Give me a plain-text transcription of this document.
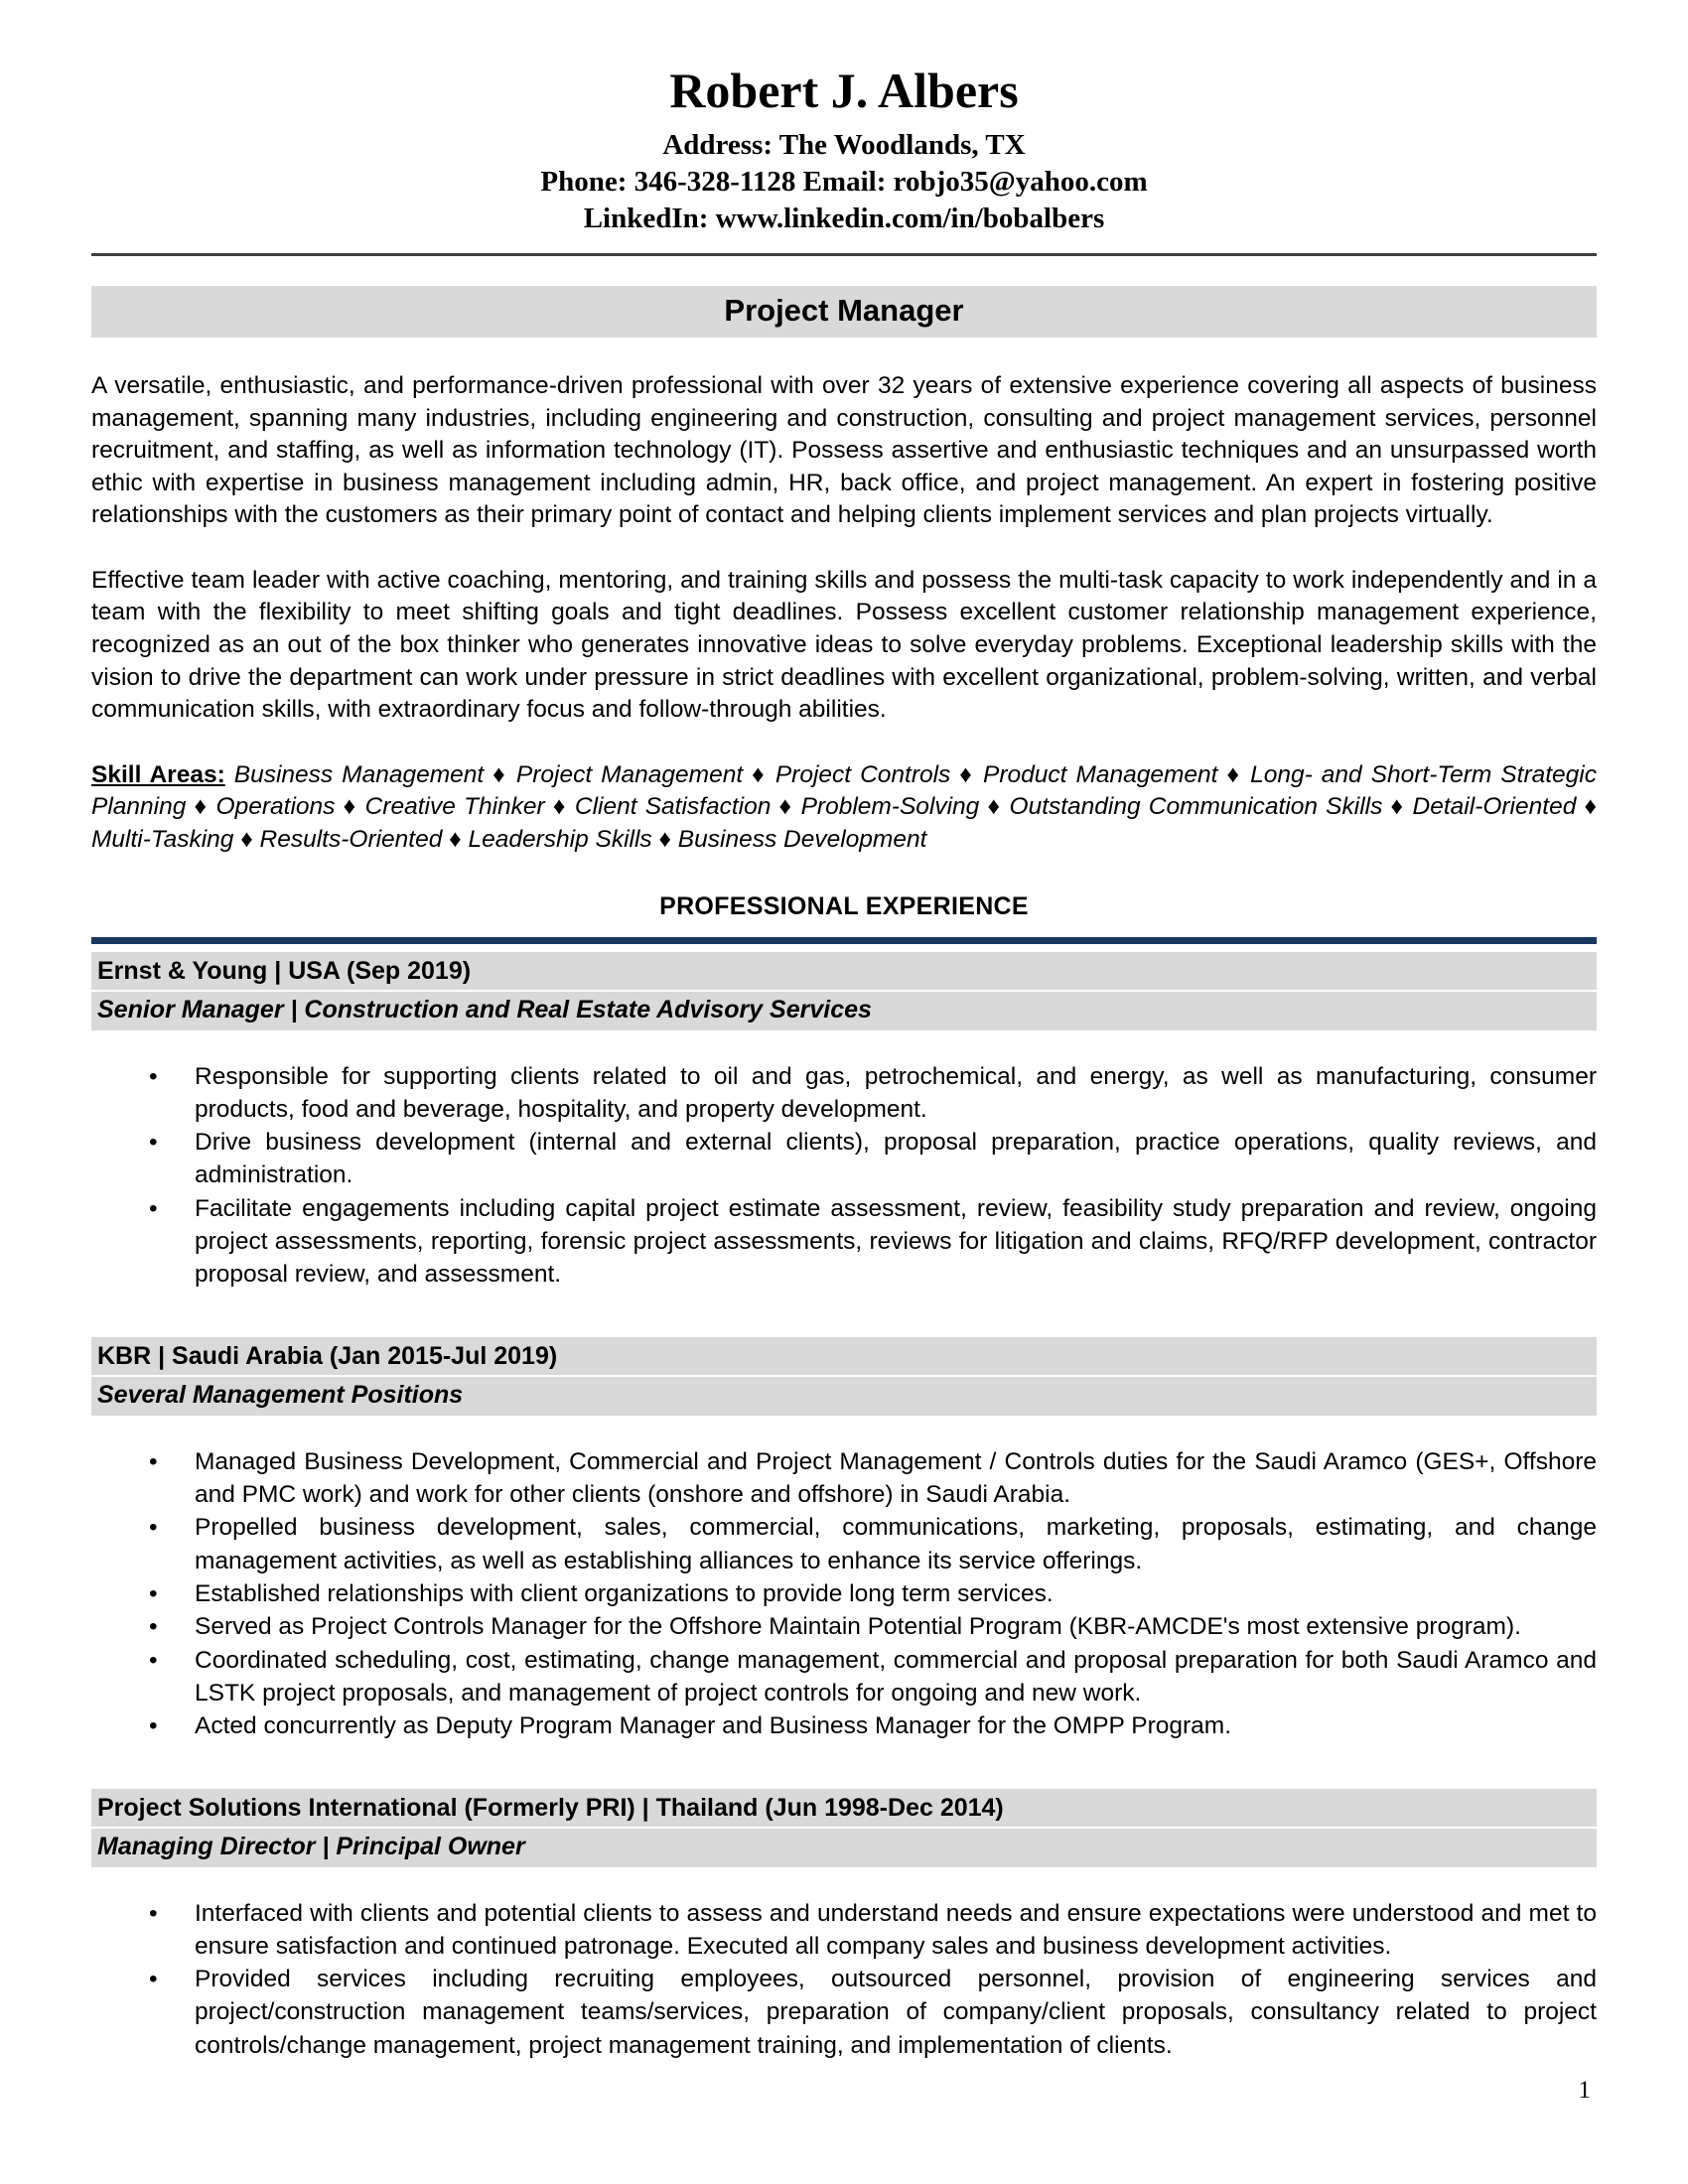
Robert J. Albers
Address: The Woodlands, TX
Phone: 346-328-1128 Email: robjo35@yahoo.com
LinkedIn: www.linkedin.com/in/bobalbers
Project Manager

A versatile, enthusiastic, and performance-driven professional with over 32 years of extensive experience covering all aspects of business management, spanning many industries, including engineering and construction, consulting and project management services, personnel recruitment, and staffing, as well as information technology (IT). Possess assertive and enthusiastic techniques and an unsurpassed worth ethic with expertise in business management including admin, HR, back office, and project management. An expert in fostering positive relationships with the customers as their primary point of contact and helping clients implement services and plan projects virtually.

Effective team leader with active coaching, mentoring, and training skills and possess the multi-task capacity to work independently and in a team with the flexibility to meet shifting goals and tight deadlines. Possess excellent customer relationship management experience, recognized as an out of the box thinker who generates innovative ideas to solve everyday problems. Exceptional leadership skills with the vision to drive the department can work under pressure in strict deadlines with excellent organizational, problem-solving, written, and verbal communication skills, with extraordinary focus and follow-through abilities.

Skill Areas: Business Management ♦ Project Management ♦ Project Controls ♦ Product Management ♦ Long- and Short-Term Strategic Planning ♦ Operations ♦ Creative Thinker ♦ Client Satisfaction ♦ Problem-Solving ♦ Outstanding Communication Skills ♦ Detail-Oriented ♦ Multi-Tasking ♦ Results-Oriented ♦ Leadership Skills ♦ Business Development

PROFESSIONAL EXPERIENCE
Ernst & Young | USA (Sep 2019)
Senior Manager | Construction and Real Estate Advisory Services
• Responsible for supporting clients related to oil and gas, petrochemical, and energy, as well as manufacturing, consumer products, food and beverage, hospitality, and property development.
• Drive business development (internal and external clients), proposal preparation, practice operations, quality reviews, and administration.
• Facilitate engagements including capital project estimate assessment, review, feasibility study preparation and review, ongoing project assessments, reporting, forensic project assessments, reviews for litigation and claims, RFQ/RFP development, contractor proposal review, and assessment.
KBR | Saudi Arabia (Jan 2015-Jul 2019)
Several Management Positions
• Managed Business Development, Commercial and Project Management / Controls duties for the Saudi Aramco (GES+, Offshore and PMC work) and work for other clients (onshore and offshore) in Saudi Arabia.
• Propelled business development, sales, commercial, communications, marketing, proposals, estimating, and change management activities, as well as establishing alliances to enhance its service offerings.
• Established relationships with client organizations to provide long term services.
• Served as Project Controls Manager for the Offshore Maintain Potential Program (KBR-AMCDE's most extensive program).
• Coordinated scheduling, cost, estimating, change management, commercial and proposal preparation for both Saudi Aramco and LSTK project proposals, and management of project controls for ongoing and new work.
• Acted concurrently as Deputy Program Manager and Business Manager for the OMPP Program.
Project Solutions International (Formerly PRI) | Thailand (Jun 1998-Dec 2014)
Managing Director | Principal Owner
• Interfaced with clients and potential clients to assess and understand needs and ensure expectations were understood and met to ensure satisfaction and continued patronage. Executed all company sales and business development activities.
• Provided services including recruiting employees, outsourced personnel, provision of engineering services and project/construction management teams/services, preparation of company/client proposals, consultancy related to project controls/change management, project management training, and implementation of clients.
1
